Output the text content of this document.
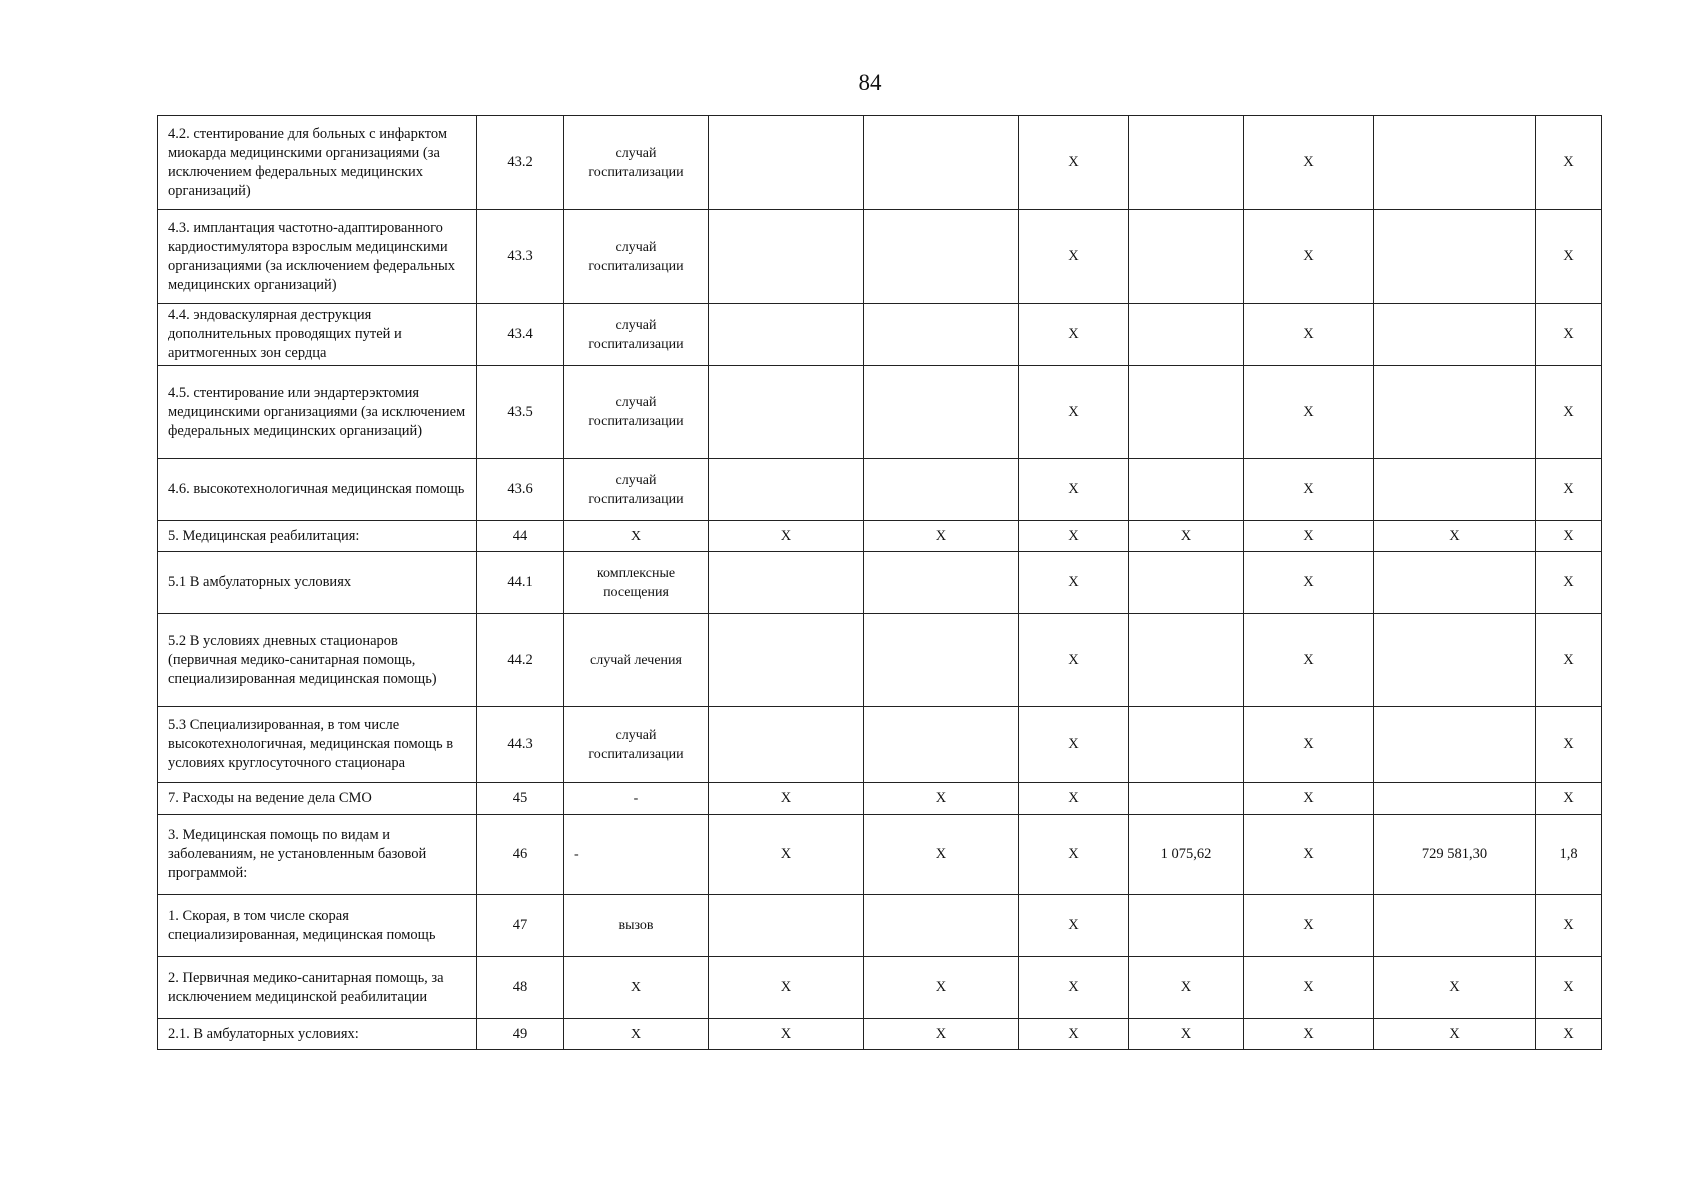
84
4.2. стентирование для больных с инфарктом миокарда медицинскими организациями (за исключением федеральных медицинских организаций)	43.2	случай госпитализации			Х		Х		Х
4.3. имплантация частотно-адаптированного кардиостимулятора взрослым медицинскими организациями (за исключением федеральных медицинских организаций)	43.3	случай госпитализации			Х		Х		Х
4.4. эндоваскулярная деструкция дополнительных проводящих путей и аритмогенных зон сердца	43.4	случай госпитализации			Х		Х		Х
4.5. стентирование или эндартерэктомия медицинскими организациями (за исключением федеральных медицинских организаций)	43.5	случай госпитализации			Х		Х		Х
4.6. высокотехнологичная медицинская помощь	43.6	случай госпитализации			Х		Х		Х
5. Медицинская реабилитация:	44	Х	Х	Х	Х	Х	Х	Х	Х
5.1 В амбулаторных условиях	44.1	комплексные посещения			Х		Х		Х
5.2 В условиях дневных стационаров (первичная медико-санитарная помощь, специализированная медицинская помощь)	44.2	случай лечения			Х		Х		Х
5.3 Специализированная, в том числе высокотехнологичная, медицинская помощь в условиях круглосуточного стационара	44.3	случай госпитализации			Х		Х		Х
7. Расходы на ведение дела СМО	45	-	Х	Х	Х		Х		Х
3. Медицинская помощь по видам и заболеваниям, не установленным базовой программой:	46	-	Х	Х	Х	1 075,62	Х	729 581,30	1,8
1. Скорая, в том числе скорая специализированная, медицинская помощь	47	вызов			Х		Х		Х
2. Первичная медико-санитарная помощь, за исключением медицинской реабилитации	48	Х	Х	Х	Х	Х	Х	Х	Х
2.1. В амбулаторных условиях:	49	Х	Х	Х	Х	Х	Х	Х	Х
